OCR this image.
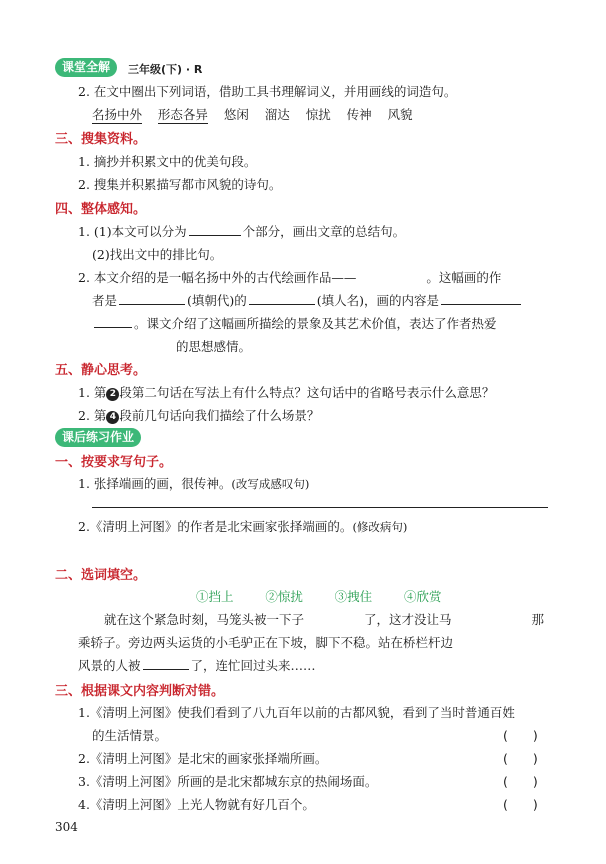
课堂全解	三年级(下) · R
2. 在文中圈出下列词语，借助工具书理解词义，并用画线的词造句。
名扬中外 形态各异 悠闲 溜达 惊扰 传神 风貌
三、搜集资料。
1. 摘抄并积累文中的优美句段。
2. 搜集并积累描写都市风貌的诗句。
四、整体感知。
1. (1)本文可以分为	个部分，画出文章的总结句。
(2)找出文中的排比句。
2. 本文介绍的是一幅名扬中外的古代绘画作品——	。这幅画的作
者是	(填朝代)的	(填人名)，画的内容是
。课文介绍了这幅画所描绘的景象及其艺术价值，表达了作者热爱
的思想感情。
五、静心思考。
1. 第 2 段第二句话在写法上有什么特点？这句话中的省略号表示什么意思？
2. 第 4 段前几句话向我们描绘了什么场景？
课后练习作业
一、按要求写句子。
1. 张择端画的画，很传神。(改写成感叹句)
2.《清明上河图》的作者是北宋画家张择端画的。(修改病句)
二、选词填空。
①挡上	②惊扰	③拽住	④欣赏
就在这个紧急时刻，马笼头被一下子	了，这才没让马	那
乘轿子。旁边两头运货的小毛驴正在下坡，脚下不稳。站在桥栏杆边
风景的人被	了，连忙回过头来……
三、根据课文内容判断对错。
1.《清明上河图》使我们看到了八九百年以前的古都风貌，看到了当时普通百姓
的生活情景。	(　　)
2.《清明上河图》是北宋的画家张择端所画。	(　　)
3.《清明上河图》所画的是北宋都城东京的热闹场面。	(　　)
4.《清明上河图》上光人物就有好几百个。	(　　)
304
